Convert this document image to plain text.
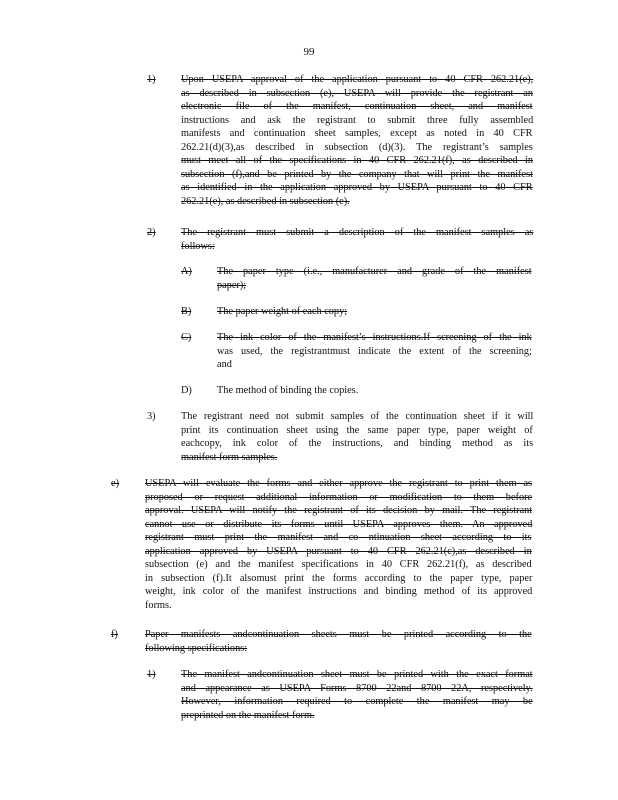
99
1) Upon USEPA approval of the application pursuant to 40 CFR 262.21(e),
as described in subsection (e), USEPA will provide the registrant an
electronic file of the manifest, continuation sheet, and manifest
instructions and ask the registrant to submit three fully assembled
manifests and continuation sheet samples, except as noted in 40 CFR
262.21(d)(3),as described in subsection (d)(3). The registrant’s samples
must meet all of the specifications in 40 CFR 262.21(f), as described in
subsection (f),and be printed by the company that will print the manifest
as identified in the application approved by USEPA pursuant to 40 CFR
262.21(e), as described in subsection (e).
2) The registrant must submit a description of the manifest samples as
follows:
A) The paper type (i.e., manufacturer and grade of the manifest
paper);
B) The paper weight of each copy;
C) The ink color of the manifest’s instructions.If screening of the ink
was used, the registrantmust indicate the extent of the screening;
and
D) The method of binding the copies.
3) The registrant need not submit samples of the continuation sheet if it will
print its continuation sheet using the same paper type, paper weight of
eachcopy, ink color of the instructions, and binding method as its
manifest form samples.
e)	USEPA will evaluate the forms and either approve the registrant to print them as
proposed or request additional information or modification to them before
approval. USEPA will notify the registrant of its decision by mail. The registrant
cannot use or distribute its forms until USEPA approves them. An approved
registrant must print the manifest and co ntinuation sheet according to its
application approved by USEPA pursuant to 40 CFR 262.21(c),as described in
subsection (e) and the manifest specifications in 40 CFR 262.21(f), as described
in subsection (f).It alsomust print the forms according to the paper type, paper
weight, ink color of the manifest instructions and binding method of its approved
forms.
f)	Paper manifests andcontinuation sheets must be printed according to the
following specifications:
1) The manifest andcontinuation sheet must be printed with the exact format
and appearance as USEPA Forms 8700 22and 8700 22A, respectively.
However, information required to complete the manifest may be
preprinted on the manifest form.
